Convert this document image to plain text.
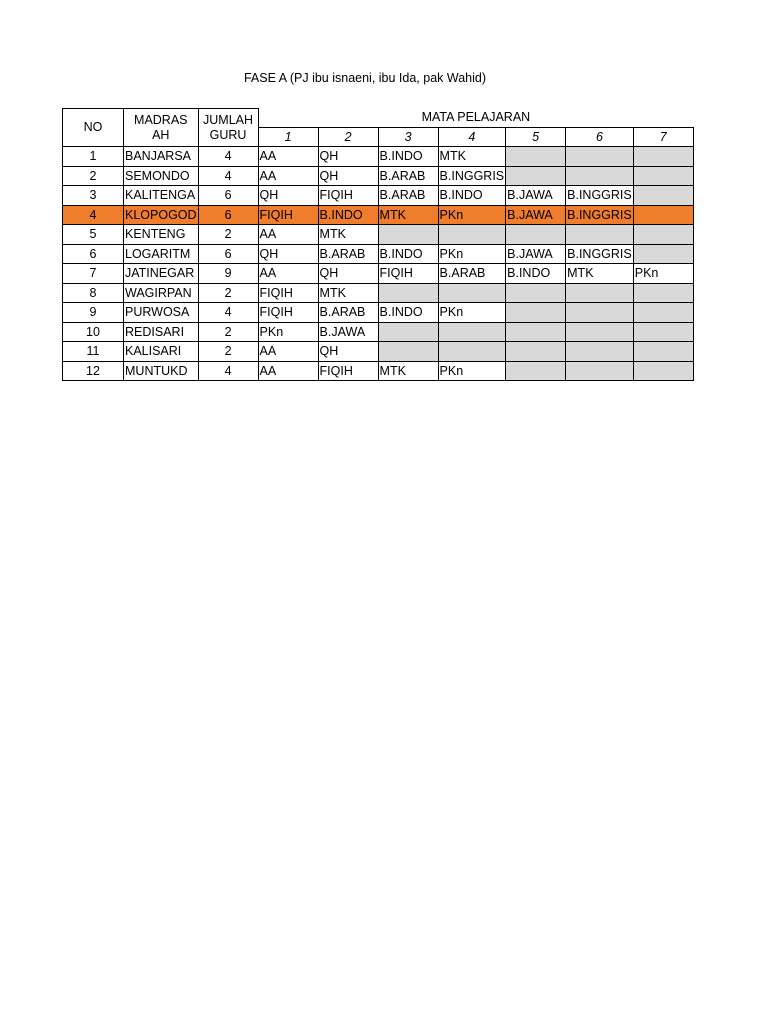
FASE A (PJ ibu isnaeni, ibu Ida, pak Wahid)
NO	MADRAS AH	JUMLAH GURU	MATA PELAJARAN						
			1	2	3	4	5	6	7
1	BANJARSA	4	AA	QH	B.INDO	MTK			
2	SEMONDO	4	AA	QH	B.ARAB	B.INGGRIS			
3	KALITENGA	6	QH	FIQIH	B.ARAB	B.INDO	B.JAWA	B.INGGRIS	
4	KLOPOGOD	6	FIQIH	B.INDO	MTK	PKn	B.JAWA	B.INGGRIS	
5	KENTENG	2	AA	MTK					
6	LOGARITM	6	QH	B.ARAB	B.INDO	PKn	B.JAWA	B.INGGRIS	
7	JATINEGAR	9	AA	QH	FIQIH	B.ARAB	B.INDO	MTK	PKn
8	WAGIRPAN	2	FIQIH	MTK					
9	PURWOSA	4	FIQIH	B.ARAB	B.INDO	PKn			
10	REDISARI	2	PKn	B.JAWA					
11	KALISARI	2	AA	QH					
12	MUNTUKD	4	AA	FIQIH	MTK	PKn			
